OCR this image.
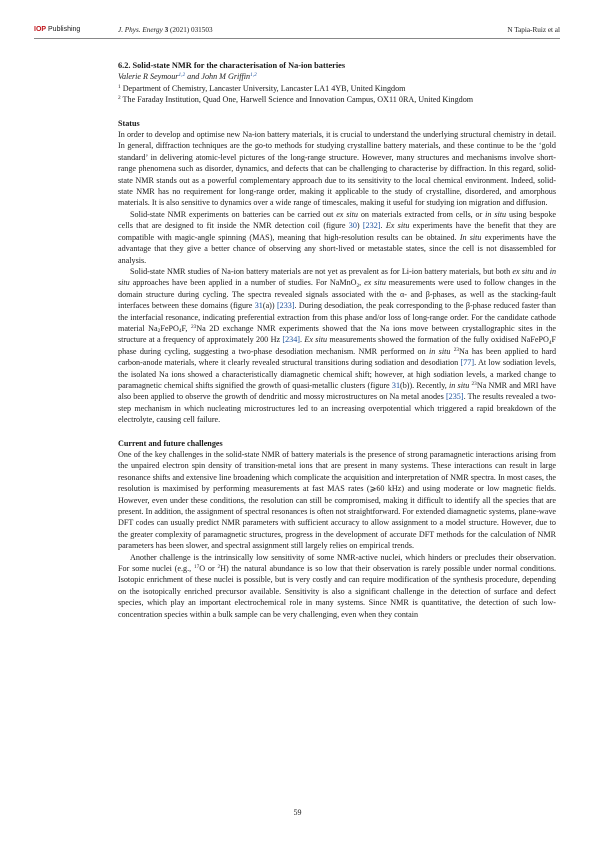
IOP Publishing	J. Phys. Energy 3 (2021) 031503	N Tapia-Ruiz et al

6.2. Solid-state NMR for the characterisation of Na-ion batteries

Valerie R Seymour$^{1,2}$ and John M Griffin$^{1,2}$

$^1$ Department of Chemistry, Lancaster University, Lancaster LA1 4YB, United Kingdom

$^2$ The Faraday Institution, Quad One, Harwell Science and Innovation Campus, OX11 0RA, United Kingdom

Status

In order to develop and optimise new Na-ion battery materials, it is crucial to understand the underlying structural chemistry in detail. In general, diffraction techniques are the go-to methods for studying crystalline battery materials, and these continue to be the ‘gold standard’ in delivering atomic-level pictures of the long-range structure. However, many structures and mechanisms involve short-range phenomena such as disorder, dynamics, and defects that can be challenging to characterise by diffraction. In this regard, solid-state NMR stands out as a powerful complementary approach due to its sensitivity to the local chemical environment. Indeed, solid-state NMR has no requirement for long-range order, making it applicable to the study of crystalline, disordered, and amorphous materials. It is also sensitive to dynamics over a wide range of timescales, making it useful for studying ion migration and diffusion.

Solid-state NMR experiments on batteries can be carried out ex situ on materials extracted from cells, or in situ using bespoke cells that are designed to fit inside the NMR detection coil (figure 30) [232]. Ex situ experiments have the benefit that they are compatible with magic-angle spinning (MAS), meaning that high-resolution results can be obtained. In situ experiments have the advantage that they give a better chance of observing any short-lived or metastable states, since the cell is not disassembled for analysis.

Solid-state NMR studies of Na-ion battery materials are not yet as prevalent as for Li-ion battery materials, but both ex situ and in situ approaches have been applied in a number of studies. For NaMnO$_2$, ex situ measurements were used to follow changes in the domain structure during cycling. The spectra revealed signals associated with the α- and β-phases, as well as the stacking-fault interfaces between these domains (figure 31(a)) [233]. During desodiation, the peak corresponding to the β-phase reduced faster than the interfacial resonance, indicating preferential extraction from this phase and/or loss of long-range order. For the candidate cathode material $Na_2FePO_4F$, $^{23}$Na 2D exchange NMR experiments showed that the Na ions move between crystallographic sites in the structure at a frequency of approximately 200 Hz [234]. Ex situ measurements showed the formation of the fully oxidised NaFePO$_4$F phase during cycling, suggesting a two-phase desodiation mechanism. NMR performed on in situ $^{23}$Na has been applied to hard carbon-anode materials, where it clearly revealed structural transitions during sodiation and desodiation [77]. At low sodiation levels, the isolated Na ions showed a characteristically diamagnetic chemical shift; however, at high sodiation levels, a marked change to paramagnetic chemical shifts signified the growth of quasi-metallic clusters (figure 31(b)). Recently, in situ $^{23}$Na NMR and MRI have also been applied to observe the growth of dendritic and mossy microstructures on Na metal anodes [235]. The results revealed a two-step mechanism in which nucleating microstructures led to an increasing overpotential which triggered a rapid breakdown of the electrolyte, causing cell failure.

Current and future challenges

One of the key challenges in the solid-state NMR of battery materials is the presence of strong paramagnetic interactions arising from the unpaired electron spin density of transition-metal ions that are present in many systems. These interactions can result in large resonance shifts and extensive line broadening which complicate the acquisition and interpretation of NMR spectra. In most cases, the resolution is maximised by performing measurements at fast MAS rates (⩾60 kHz) and using moderate or low magnetic fields. However, even under these conditions, the resolution can still be compromised, making it difficult to identify all the species that are present. In addition, the assignment of spectral resonances is often not straightforward. For extended diamagnetic systems, plane-wave DFT codes can usually predict NMR parameters with sufficient accuracy to allow assignment to a model structure. However, due to the greater complexity of paramagnetic structures, progress in the development of accurate DFT methods for the calculation of NMR parameters has been slower, and spectral assignment still largely relies on empirical trends.

Another challenge is the intrinsically low sensitivity of some NMR-active nuclei, which hinders or precludes their observation. For some nuclei (e.g., $^{17}$O or $^2$H) the natural abundance is so low that their observation is rarely possible under normal conditions. Isotopic enrichment of these nuclei is possible, but is very costly and can require modification of the synthesis procedure, depending on the isotopically enriched precursor available. Sensitivity is also a significant challenge in the detection of surface and defect species, which play an important electrochemical role in many systems. Since NMR is quantitative, the detection of such low-concentration species within a bulk sample can be very challenging, even when they contain

59
